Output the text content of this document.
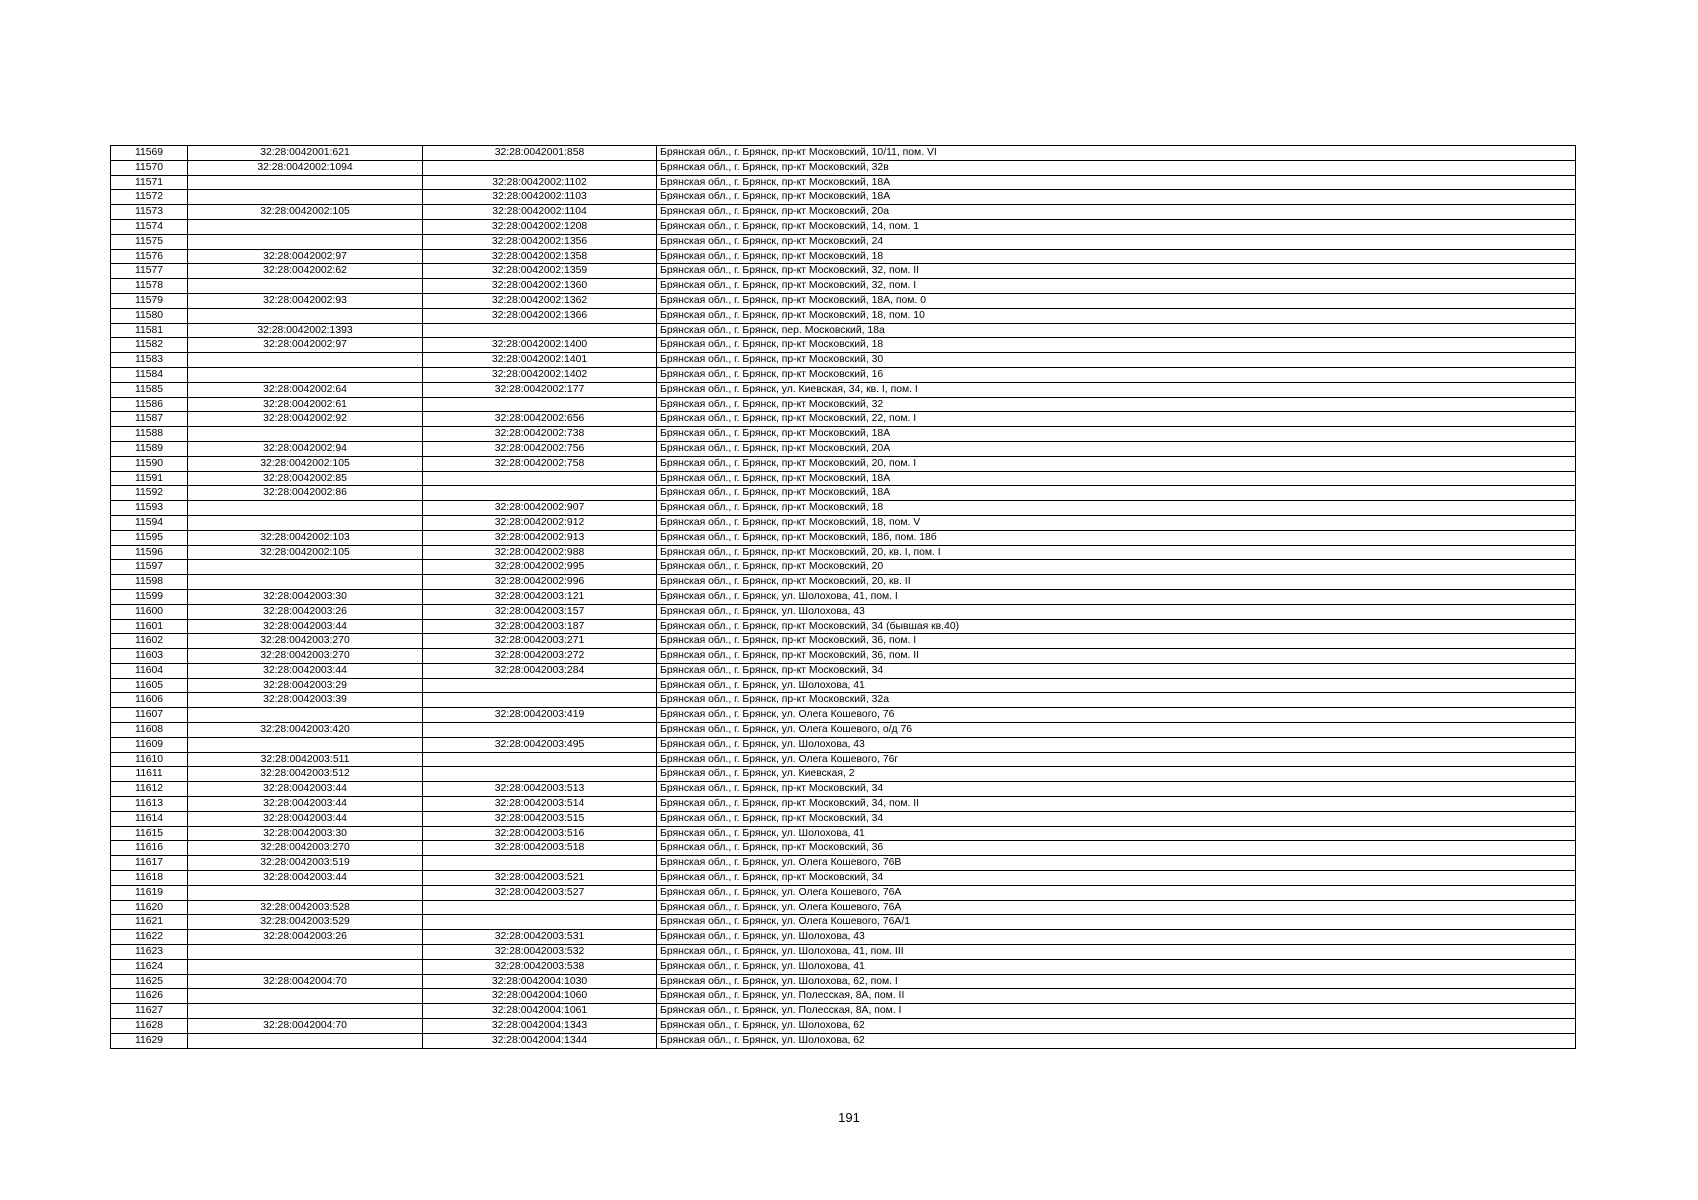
11569	32:28:0042001:621	32:28:0042001:858	Брянская обл., г. Брянск, пр-кт Московский, 10/11, пом. VI
11570	32:28:0042002:1094		Брянская обл., г. Брянск, пр-кт Московский, 32в
11571		32:28:0042002:1102	Брянская обл., г. Брянск, пр-кт Московский, 18А
11572		32:28:0042002:1103	Брянская обл., г. Брянск, пр-кт Московский, 18А
11573	32:28:0042002:105	32:28:0042002:1104	Брянская обл., г. Брянск, пр-кт Московский, 20а
11574		32:28:0042002:1208	Брянская обл., г. Брянск, пр-кт Московский, 14, пом. 1
11575		32:28:0042002:1356	Брянская обл., г. Брянск, пр-кт Московский, 24
11576	32:28:0042002:97	32:28:0042002:1358	Брянская обл., г. Брянск, пр-кт Московский, 18
11577	32:28:0042002:62	32:28:0042002:1359	Брянская обл., г. Брянск, пр-кт Московский, 32, пом. II
11578		32:28:0042002:1360	Брянская обл., г. Брянск, пр-кт Московский, 32, пом. I
11579	32:28:0042002:93	32:28:0042002:1362	Брянская обл., г. Брянск, пр-кт Московский, 18А, пом. 0
11580		32:28:0042002:1366	Брянская обл., г. Брянск, пр-кт Московский, 18, пом. 10
11581	32:28:0042002:1393		Брянская обл., г. Брянск, пер. Московский, 18а
11582	32:28:0042002:97	32:28:0042002:1400	Брянская обл., г. Брянск, пр-кт Московский, 18
11583		32:28:0042002:1401	Брянская обл., г. Брянск, пр-кт Московский, 30
11584		32:28:0042002:1402	Брянская обл., г. Брянск, пр-кт Московский, 16
11585	32:28:0042002:64	32:28:0042002:177	Брянская обл., г. Брянск, ул. Киевская, 34, кв. I, пом. I
11586	32:28:0042002:61		Брянская обл., г. Брянск, пр-кт Московский, 32
11587	32:28:0042002:92	32:28:0042002:656	Брянская обл., г. Брянск, пр-кт Московский, 22, пом. I
11588		32:28:0042002:738	Брянская обл., г. Брянск, пр-кт Московский, 18А
11589	32:28:0042002:94	32:28:0042002:756	Брянская обл., г. Брянск, пр-кт Московский, 20А
11590	32:28:0042002:105	32:28:0042002:758	Брянская обл., г. Брянск, пр-кт Московский, 20, пом. I
11591	32:28:0042002:85		Брянская обл., г. Брянск, пр-кт Московский, 18А
11592	32:28:0042002:86		Брянская обл., г. Брянск, пр-кт Московский, 18А
11593		32:28:0042002:907	Брянская обл., г. Брянск, пр-кт Московский, 18
11594		32:28:0042002:912	Брянская обл., г. Брянск, пр-кт Московский, 18, пом. V
11595	32:28:0042002:103	32:28:0042002:913	Брянская обл., г. Брянск, пр-кт Московский, 18б, пом. 18б
11596	32:28:0042002:105	32:28:0042002:988	Брянская обл., г. Брянск, пр-кт Московский, 20, кв. I, пом. I
11597		32:28:0042002:995	Брянская обл., г. Брянск, пр-кт Московский, 20
11598		32:28:0042002:996	Брянская обл., г. Брянск, пр-кт Московский, 20, кв. II
11599	32:28:0042003:30	32:28:0042003:121	Брянская обл., г. Брянск, ул. Шолохова, 41, пом. I
11600	32:28:0042003:26	32:28:0042003:157	Брянская обл., г. Брянск, ул. Шолохова, 43
11601	32:28:0042003:44	32:28:0042003:187	Брянская обл., г. Брянск, пр-кт Московский, 34 (бывшая кв.40)
11602	32:28:0042003:270	32:28:0042003:271	Брянская обл., г. Брянск, пр-кт Московский, 36, пом. I
11603	32:28:0042003:270	32:28:0042003:272	Брянская обл., г. Брянск, пр-кт Московский, 36, пом. II
11604	32:28:0042003:44	32:28:0042003:284	Брянская обл., г. Брянск, пр-кт Московский, 34
11605	32:28:0042003:29		Брянская обл., г. Брянск, ул. Шолохова, 41
11606	32:28:0042003:39		Брянская обл., г. Брянск, пр-кт Московский, 32а
11607		32:28:0042003:419	Брянская обл., г. Брянск, ул. Олега Кошевого, 76
11608	32:28:0042003:420		Брянская обл., г. Брянск, ул. Олега Кошевого, о/д 76
11609		32:28:0042003:495	Брянская обл., г. Брянск, ул. Шолохова, 43
11610	32:28:0042003:511		Брянская обл., г. Брянск, ул. Олега Кошевого, 76г
11611	32:28:0042003:512		Брянская обл., г. Брянск, ул. Киевская, 2
11612	32:28:0042003:44	32:28:0042003:513	Брянская обл., г. Брянск, пр-кт Московский, 34
11613	32:28:0042003:44	32:28:0042003:514	Брянская обл., г. Брянск, пр-кт Московский, 34, пом. II
11614	32:28:0042003:44	32:28:0042003:515	Брянская обл., г. Брянск, пр-кт Московский, 34
11615	32:28:0042003:30	32:28:0042003:516	Брянская обл., г. Брянск, ул. Шолохова, 41
11616	32:28:0042003:270	32:28:0042003:518	Брянская обл., г. Брянск, пр-кт Московский, 36
11617	32:28:0042003:519		Брянская обл., г. Брянск, ул. Олега Кошевого, 76В
11618	32:28:0042003:44	32:28:0042003:521	Брянская обл., г. Брянск, пр-кт Московский, 34
11619		32:28:0042003:527	Брянская обл., г. Брянск, ул. Олега Кошевого, 76А
11620	32:28:0042003:528		Брянская обл., г. Брянск, ул. Олега Кошевого, 76А
11621	32:28:0042003:529		Брянская обл., г. Брянск, ул. Олега Кошевого, 76А/1
11622	32:28:0042003:26	32:28:0042003:531	Брянская обл., г. Брянск, ул. Шолохова, 43
11623		32:28:0042003:532	Брянская обл., г. Брянск, ул. Шолохова, 41, пом. III
11624		32:28:0042003:538	Брянская обл., г. Брянск, ул. Шолохова, 41
11625	32:28:0042004:70	32:28:0042004:1030	Брянская обл., г. Брянск, ул. Шолохова, 62, пом. I
11626		32:28:0042004:1060	Брянская обл., г. Брянск, ул. Полесская, 8А, пом. II
11627		32:28:0042004:1061	Брянская обл., г. Брянск, ул. Полесская, 8А, пом. I
11628	32:28:0042004:70	32:28:0042004:1343	Брянская обл., г. Брянск, ул. Шолохова, 62
11629		32:28:0042004:1344	Брянская обл., г. Брянск, ул. Шолохова, 62
191
